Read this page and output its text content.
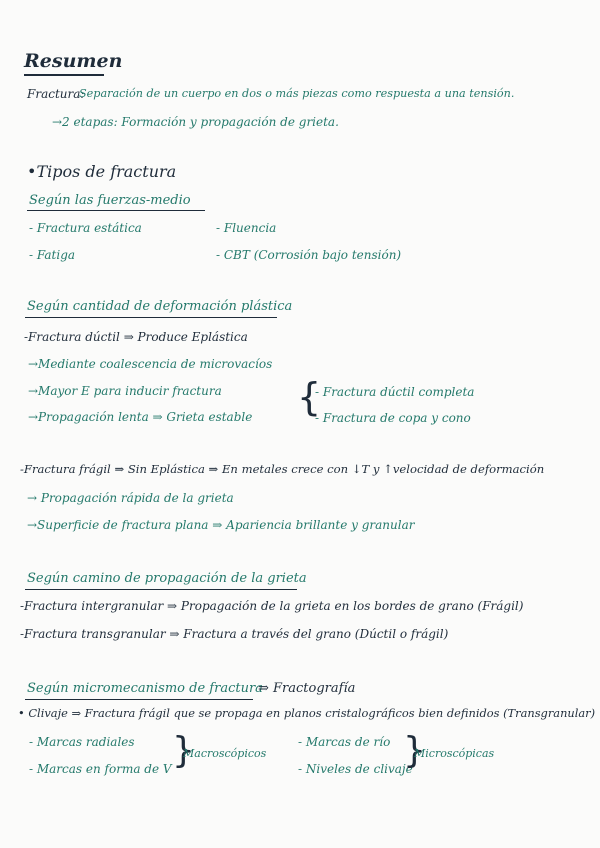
Resumen
Fractura:
Separación de un cuerpo en dos o más piezas como respuesta a una tensión.
→2 etapas: Formación y propagación de grieta.
•Tipos de fractura
Según las fuerzas-medio
- Fractura estática
- Fatiga
- Fluencia
- CBT (Corrosión bajo tensión)
Según cantidad de deformación plástica
-Fractura dúctil ⇒ Produce Eplástica
→Mediante coalescencia de microvacíos
→Mayor E para inducir fractura
→Propagación lenta ⇒ Grieta estable {
- Fractura dúctil completa
- Fractura de copa y cono
-Fractura frágil ⇒ Sin Eplástica ⇒ En metales crece con ↓T y ↑velocidad de deformación
→ Propagación rápida de la grieta
→Superficie de fractura plana ⇒ Apariencia brillante y granular
Según camino de propagación de la grieta
-Fractura intergranular ⇒ Propagación de la grieta en los bordes de grano (Frágil)
-Fractura transgranular ⇒ Fractura a través del grano (Dúctil o frágil)
Según micromecanismo de fractura
⇒ Fractografía
• Clivaje ⇒ Fractura frágil que se propaga en planos cristalográficos bien definidos (Transgranular)
- Marcas radiales
- Marcas en forma de V }
Macroscópicos
- Marcas de río
- Niveles de clivaje
}
Microscópicas
